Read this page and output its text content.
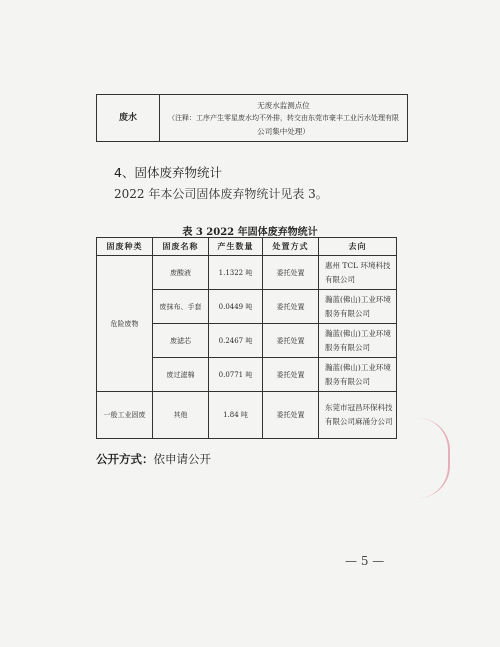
废水	
无废水监测点位
（注释：工序产生零星废水均不外排，转交由东莞市豪丰工业污水处理有限
公司集中处理）
4、固体废弃物统计
2022 年本公司固体废弃物统计见表 3。
表 3 2022 年固体废弃物统计
固废种类	固废名称	产生数量	处置方式	去向
危险废物	废酸液	1.1322 吨	委托处置	惠州 TCL 环境科技有限公司
	废抹布、手套	0.0449 吨	委托处置	瀚蓝(佛山)工业环境服务有限公司
	废滤芯	0.2467 吨	委托处置	瀚蓝(佛山)工业环境服务有限公司
	废过滤棉	0.0771 吨	委托处置	瀚蓝(佛山)工业环境服务有限公司
一般工业固废	其他	1.84 吨	委托处置	东莞市冠昌环保科技有限公司麻涌分公司
公开方式：依申请公开
— 5 —
